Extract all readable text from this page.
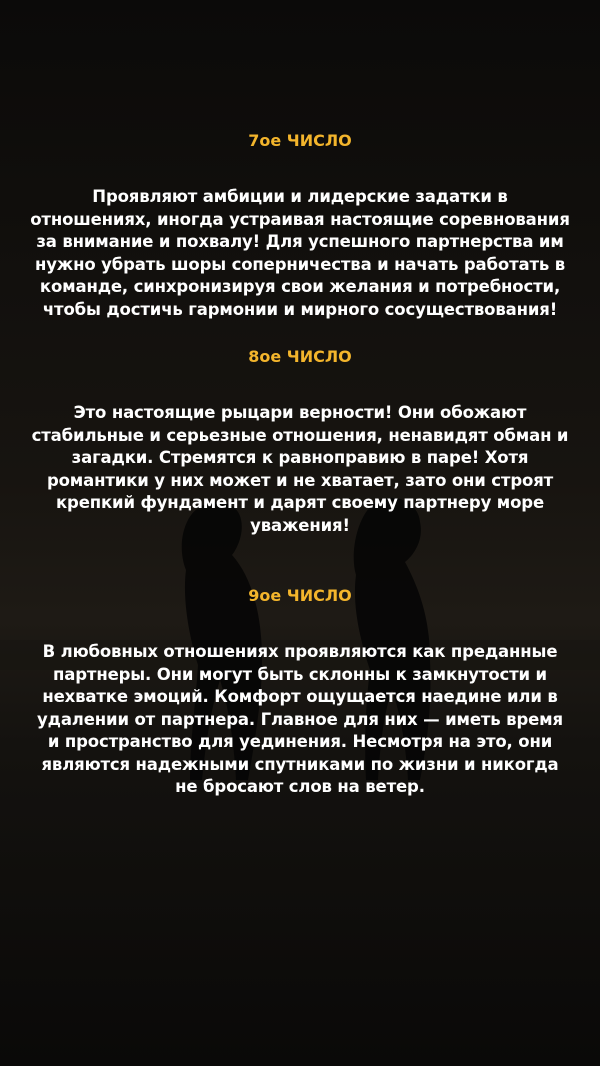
7ое ЧИСЛО

Проявляют амбиции и лидерские задатки в
отношениях, иногда устраивая настоящие соревнования
за внимание и похвалу! Для успешного партнерства им
нужно убрать шоры соперничества и начать работать в
команде, синхронизируя свои желания и потребности,
чтобы достичь гармонии и мирного сосуществования!

8ое ЧИСЛО

Это настоящие рыцари верности! Они обожают
стабильные и серьезные отношения, ненавидят обман и
загадки. Стремятся к равноправию в паре! Хотя
романтики у них может и не хватает, зато они строят
крепкий фундамент и дарят своему партнеру море
уважения!

9ое ЧИСЛО

В любовных отношениях проявляются как преданные
партнеры. Они могут быть склонны к замкнутости и
нехватке эмоций. Комфорт ощущается наедине или в
удалении от партнера. Главное для них — иметь время
и пространство для уединения. Несмотря на это, они
являются надежными спутниками по жизни и никогда
не бросают слов на ветер.
